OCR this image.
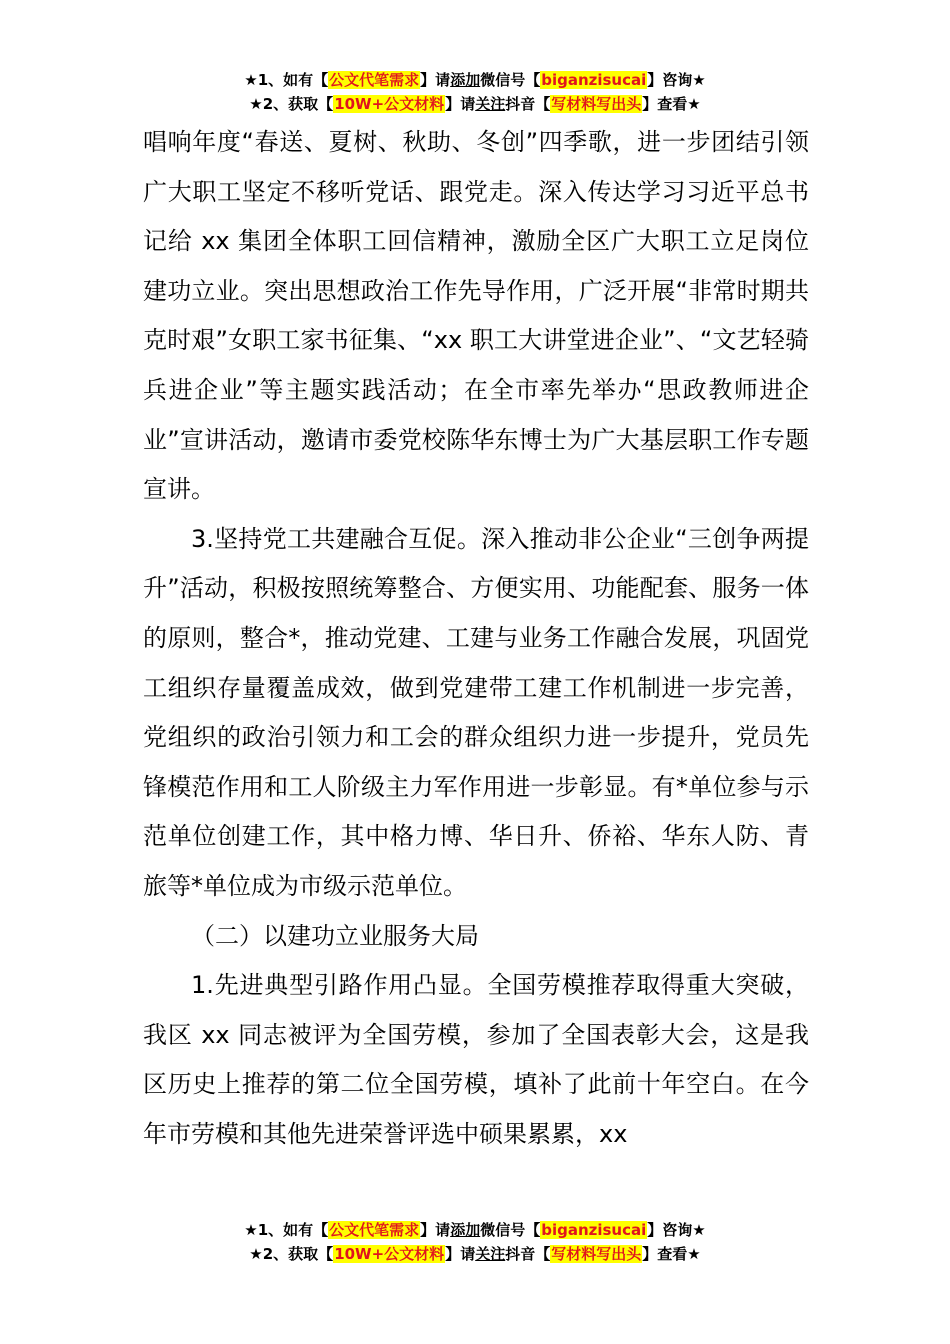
★1、如有【公文代笔需求】请添加微信号【biganzisucai】咨询★
★2、获取【10W+公文材料】请关注抖音【写材料写出头】查看★

唱响年度“春送、夏树、秋助、冬创”四季歌，进一步团结引领广大职工坚定不移听党话、跟党走。深入传达学习习近平总书记给 xx 集团全体职工回信精神，激励全区广大职工立足岗位建功立业。突出思想政治工作先导作用，广泛开展“非常时期共克时艰”女职工家书征集、“xx 职工大讲堂进企业”、“文艺轻骑兵进企业”等主题实践活动；在全市率先举办“思政教师进企业”宣讲活动，邀请市委党校陈华东博士为广大基层职工作专题宣讲。

3.坚持党工共建融合互促。深入推动非公企业“三创争两提升”活动，积极按照统筹整合、方便实用、功能配套、服务一体的原则，整合*，推动党建、工建与业务工作融合发展，巩固党工组织存量覆盖成效，做到党建带工建工作机制进一步完善，党组织的政治引领力和工会的群众组织力进一步提升，党员先锋模范作用和工人阶级主力军作用进一步彰显。有*单位参与示范单位创建工作，其中格力博、华日升、侨裕、华东人防、青旅等*单位成为市级示范单位。

（二）以建功立业服务大局

1.先进典型引路作用凸显。全国劳模推荐取得重大突破，我区 xx 同志被评为全国劳模，参加了全国表彰大会，这是我区历史上推荐的第二位全国劳模，填补了此前十年空白。在今年市劳模和其他先进荣誉评选中硕果累累，xx

★1、如有【公文代笔需求】请添加微信号【biganzisucai】咨询★
★2、获取【10W+公文材料】请关注抖音【写材料写出头】查看★
